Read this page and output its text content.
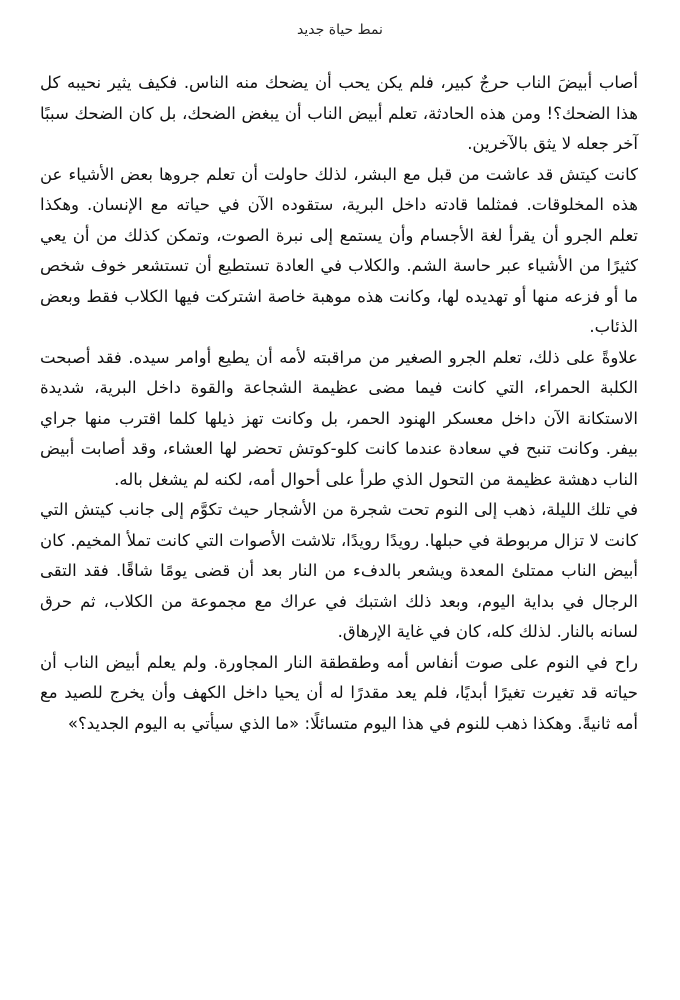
نمط حياة جديد

أصاب أبيضَ الناب حرجٌ كبير، فلم يكن يحب أن يضحك منه الناس. فكيف يثير نحيبه كل هذا الضحك؟! ومن هذه الحادثة، تعلم أبيض الناب أن يبغض الضحك، بل كان الضحك سببًا آخر جعله لا يثق بالآخرين.

كانت كيتش قد عاشت من قبل مع البشر، لذلك حاولت أن تعلم جروها بعض الأشياء عن هذه المخلوقات. فمثلما قادته داخل البرية، ستقوده الآن في حياته مع الإنسان. وهكذا تعلم الجرو أن يقرأ لغة الأجسام وأن يستمع إلى نبرة الصوت، وتمكن كذلك من أن يعي كثيرًا من الأشياء عبر حاسة الشم. والكلاب في العادة تستطيع أن تستشعر خوف شخص ما أو فزعه منها أو تهديده لها، وكانت هذه موهبة خاصة اشتركت فيها الكلاب فقط وبعض الذئاب.

علاوةً على ذلك، تعلم الجرو الصغير من مراقبته لأمه أن يطيع أوامر سيده. فقد أصبحت الكلبة الحمراء، التي كانت فيما مضى عظيمة الشجاعة والقوة داخل البرية، شديدة الاستكانة الآن داخل معسكر الهنود الحمر، بل وكانت تهز ذيلها كلما اقترب منها جراي بيفر. وكانت تنبح في سعادة عندما كانت كلو-كوتش تحضر لها العشاء، وقد أصابت أبيض الناب دهشة عظيمة من التحول الذي طرأ على أحوال أمه، لكنه لم يشغل باله.

في تلك الليلة، ذهب إلى النوم تحت شجرة من الأشجار حيث تكوَّم إلى جانب كيتش التي كانت لا تزال مربوطة في حبلها. رويدًا رويدًا، تلاشت الأصوات التي كانت تملأ المخيم. كان أبيض الناب ممتلئ المعدة ويشعر بالدفء من النار بعد أن قضى يومًا شاقًا. فقد التقى الرجال في بداية اليوم، وبعد ذلك اشتبك في عراك مع مجموعة من الكلاب، ثم حرق لسانه بالنار. لذلك كله، كان في غاية الإرهاق.

راح في النوم على صوت أنفاس أمه وطقطقة النار المجاورة. ولم يعلم أبيض الناب أن حياته قد تغيرت تغيرًا أبديًا، فلم يعد مقدرًا له أن يحيا داخل الكهف وأن يخرج للصيد مع أمه ثانيةً. وهكذا ذهب للنوم في هذا اليوم متسائلًا: «ما الذي سيأتي به اليوم الجديد؟»
